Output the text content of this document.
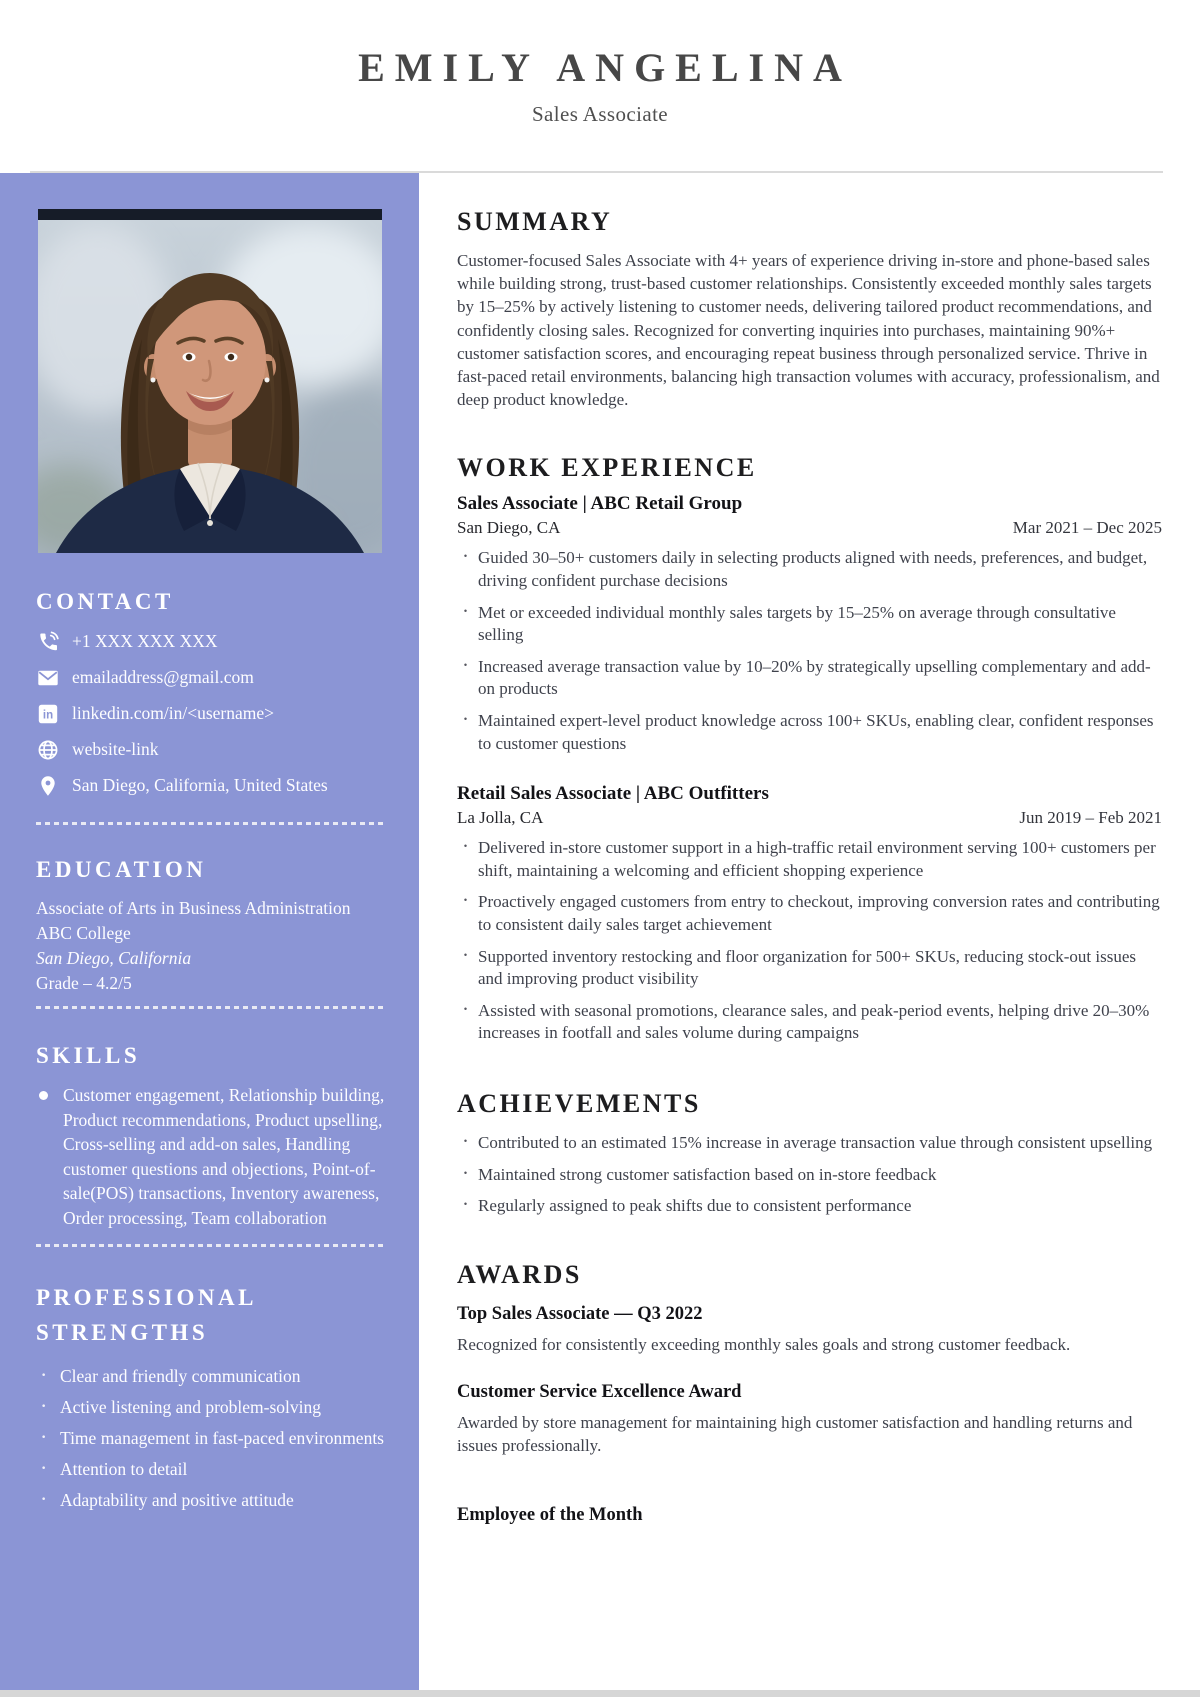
EMILY ANGELINA
Sales Associate
CONTACT
+1 XXX XXX XXX
emailaddress@gmail.com
in linkedin.com/in/<username>
website-link
San Diego, California, United States
EDUCATION
Associate of Arts in Business Administration
ABC College
San Diego, California
Grade – 4.2/5
SKILLS
Customer engagement, Relationship building, Product recommendations, Product upselling, Cross-selling and add-on sales, Handling customer questions and objections, Point-of-sale(POS) transactions, Inventory awareness, Order processing, Team collaboration
PROFESSIONAL STRENGTHS
· Clear and friendly communication
· Active listening and problem-solving
· Time management in fast-paced environments
· Attention to detail
· Adaptability and positive attitude
SUMMARY

Customer-focused Sales Associate with 4+ years of experience driving in-store and phone-based sales while building strong, trust-based customer relationships. Consistently exceeded monthly sales targets by 15–25% by actively listening to customer needs, delivering tailored product recommendations, and confidently closing sales. Recognized for converting inquiries into purchases, maintaining 90%+ customer satisfaction scores, and encouraging repeat business through personalized service. Thrive in fast-paced retail environments, balancing high transaction volumes with accuracy, professionalism, and deep product knowledge.

WORK EXPERIENCE
Sales Associate | ABC Retail Group
San Diego, CA	Mar 2021 – Dec 2025
· Guided 30–50+ customers daily in selecting products aligned with needs, preferences, and budget, driving confident purchase decisions
· Met or exceeded individual monthly sales targets by 15–25% on average through consultative selling
· Increased average transaction value by 10–20% by strategically upselling complementary and add-on products
· Maintained expert-level product knowledge across 100+ SKUs, enabling clear, confident responses to customer questions
Retail Sales Associate | ABC Outfitters
La Jolla, CA	Jun 2019 – Feb 2021
· Delivered in-store customer support in a high-traffic retail environment serving 100+ customers per shift, maintaining a welcoming and efficient shopping experience
· Proactively engaged customers from entry to checkout, improving conversion rates and contributing to consistent daily sales target achievement
· Supported inventory restocking and floor organization for 500+ SKUs, reducing stock-out issues and improving product visibility
· Assisted with seasonal promotions, clearance sales, and peak-period events, helping drive 20–30% increases in footfall and sales volume during campaigns
ACHIEVEMENTS
· Contributed to an estimated 15% increase in average transaction value through consistent upselling
· Maintained strong customer satisfaction based on in-store feedback
· Regularly assigned to peak shifts due to consistent performance
AWARDS
Top Sales Associate — Q3 2022
Recognized for consistently exceeding monthly sales goals and strong customer feedback.
Customer Service Excellence Award
Awarded by store management for maintaining high customer satisfaction and handling returns and issues professionally.
Employee of the Month
